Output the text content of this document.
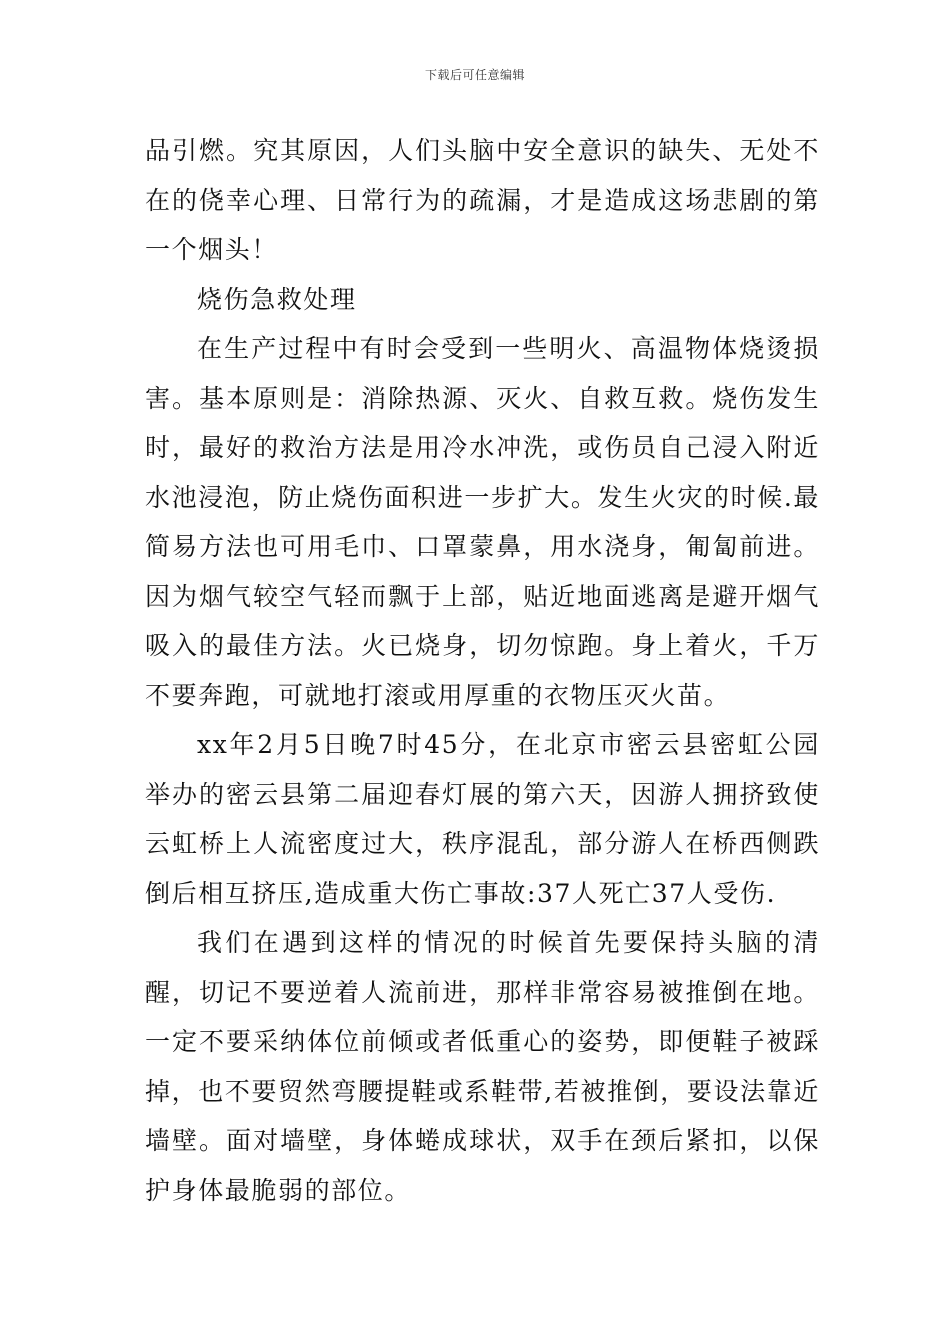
下载后可任意编辑

品引燃。究其原因，人们头脑中安全意识的缺失、无处不在的侥幸心理、日常行为的疏漏，才是造成这场悲剧的第一个烟头！

烧伤急救处理

在生产过程中有时会受到一些明火、高温物体烧烫损害。基本原则是：消除热源、灭火、自救互救。烧伤发生时，最好的救治方法是用冷水冲洗，或伤员自己浸入附近水池浸泡，防止烧伤面积进一步扩大。发生火灾的时候.最简易方法也可用毛巾、口罩蒙鼻，用水浇身，匍匐前进。因为烟气较空气轻而飘于上部，贴近地面逃离是避开烟气吸入的最佳方法。火已烧身，切勿惊跑。身上着火，千万不要奔跑，可就地打滚或用厚重的衣物压灭火苗。

xx年2月5日晚7时45分，在北京市密云县密虹公园举办的密云县第二届迎春灯展的第六天，因游人拥挤致使云虹桥上人流密度过大，秩序混乱，部分游人在桥西侧跌倒后相互挤压,造成重大伤亡事故:37人死亡37人受伤.

我们在遇到这样的情况的时候首先要保持头脑的清醒，切记不要逆着人流前进，那样非常容易被推倒在地。一定不要采纳体位前倾或者低重心的姿势，即便鞋子被踩掉，也不要贸然弯腰提鞋或系鞋带,若被推倒，要设法靠近墙壁。面对墙壁，身体蜷成球状，双手在颈后紧扣，以保护身体最脆弱的部位。
